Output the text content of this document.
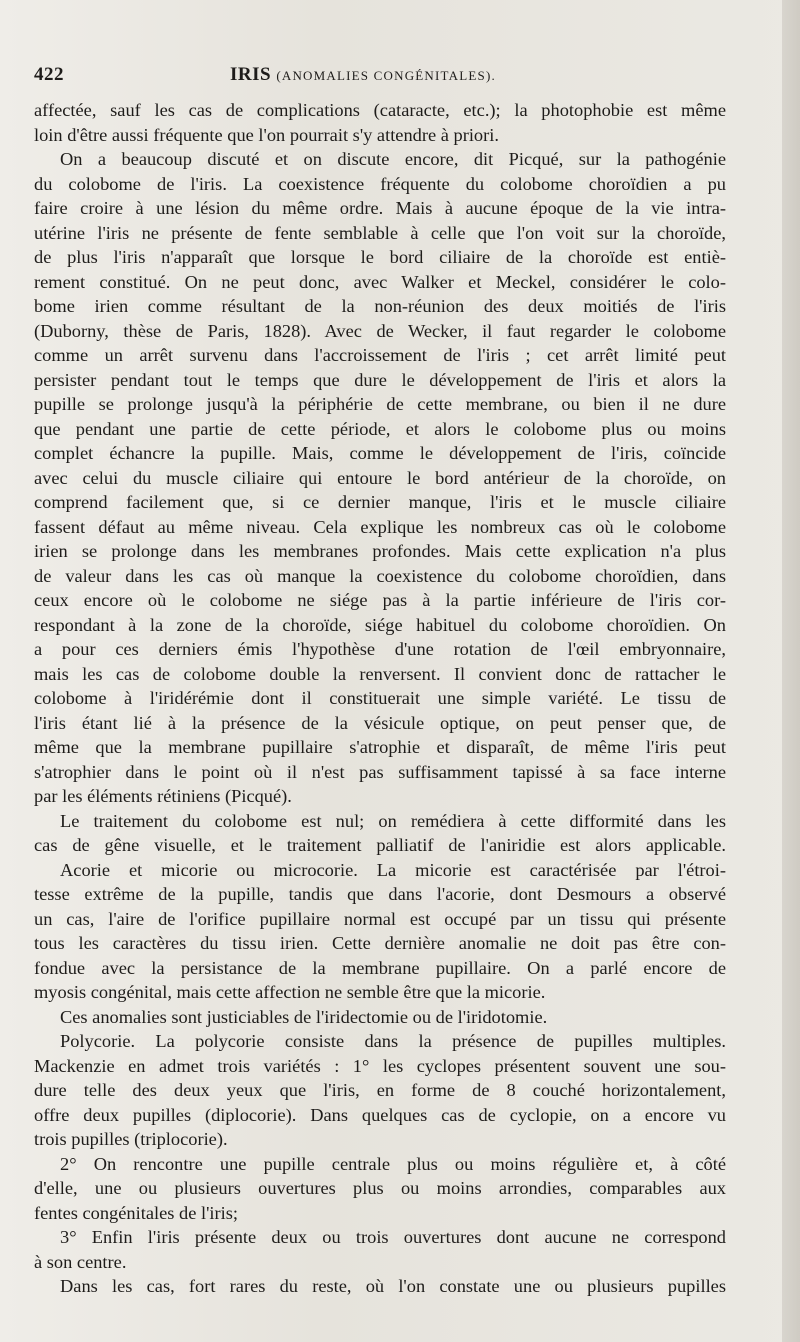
422	IRIS (ANOMALIES CONGÉNITALES).
affectée, sauf les cas de complications (cataracte, etc.); la photophobie est même
loin d'être aussi fréquente que l'on pourrait s'y attendre à priori.
On a beaucoup discuté et on discute encore, dit Picqué, sur la pathogénie
du colobome de l'iris. La coexistence fréquente du colobome choroïdien a pu
faire croire à une lésion du même ordre. Mais à aucune époque de la vie intra-
utérine l'iris ne présente de fente semblable à celle que l'on voit sur la choroïde,
de plus l'iris n'apparaît que lorsque le bord ciliaire de la choroïde est entiè-
rement constitué. On ne peut donc, avec Walker et Meckel, considérer le colo-
bome irien comme résultant de la non-réunion des deux moitiés de l'iris
(Duborny, thèse de Paris, 1828). Avec de Wecker, il faut regarder le colobome
comme un arrêt survenu dans l'accroissement de l'iris ; cet arrêt limité peut
persister pendant tout le temps que dure le développement de l'iris et alors la
pupille se prolonge jusqu'à la périphérie de cette membrane, ou bien il ne dure
que pendant une partie de cette période, et alors le colobome plus ou moins
complet échancre la pupille. Mais, comme le développement de l'iris, coïncide
avec celui du muscle ciliaire qui entoure le bord antérieur de la choroïde, on
comprend facilement que, si ce dernier manque, l'iris et le muscle ciliaire
fassent défaut au même niveau. Cela explique les nombreux cas où le colobome
irien se prolonge dans les membranes profondes. Mais cette explication n'a plus
de valeur dans les cas où manque la coexistence du colobome choroïdien, dans
ceux encore où le colobome ne siége pas à la partie inférieure de l'iris cor-
respondant à la zone de la choroïde, siége habituel du colobome choroïdien. On
a pour ces derniers émis l'hypothèse d'une rotation de l'œil embryonnaire,
mais les cas de colobome double la renversent. Il convient donc de rattacher le
colobome à l'iridérémie dont il constituerait une simple variété. Le tissu de
l'iris étant lié à la présence de la vésicule optique, on peut penser que, de
même que la membrane pupillaire s'atrophie et disparaît, de même l'iris peut
s'atrophier dans le point où il n'est pas suffisamment tapissé à sa face interne
par les éléments rétiniens (Picqué).
Le traitement du colobome est nul; on remédiera à cette difformité dans les
cas de gêne visuelle, et le traitement palliatif de l'aniridie est alors applicable.
Acorie et micorie ou microcorie. La micorie est caractérisée par l'étroi-
tesse extrême de la pupille, tandis que dans l'acorie, dont Desmours a observé
un cas, l'aire de l'orifice pupillaire normal est occupé par un tissu qui présente
tous les caractères du tissu irien. Cette dernière anomalie ne doit pas être con-
fondue avec la persistance de la membrane pupillaire. On a parlé encore de
myosis congénital, mais cette affection ne semble être que la micorie.
Ces anomalies sont justiciables de l'iridectomie ou de l'iridotomie.
Polycorie. La polycorie consiste dans la présence de pupilles multiples.
Mackenzie en admet trois variétés : 1° les cyclopes présentent souvent une sou-
dure telle des deux yeux que l'iris, en forme de 8 couché horizontalement,
offre deux pupilles (diplocorie). Dans quelques cas de cyclopie, on a encore vu
trois pupilles (triplocorie).
2° On rencontre une pupille centrale plus ou moins régulière et, à côté
d'elle, une ou plusieurs ouvertures plus ou moins arrondies, comparables aux
fentes congénitales de l'iris;
3° Enfin l'iris présente deux ou trois ouvertures dont aucune ne correspond
à son centre.
Dans les cas, fort rares du reste, où l'on constate une ou plusieurs pupilles
